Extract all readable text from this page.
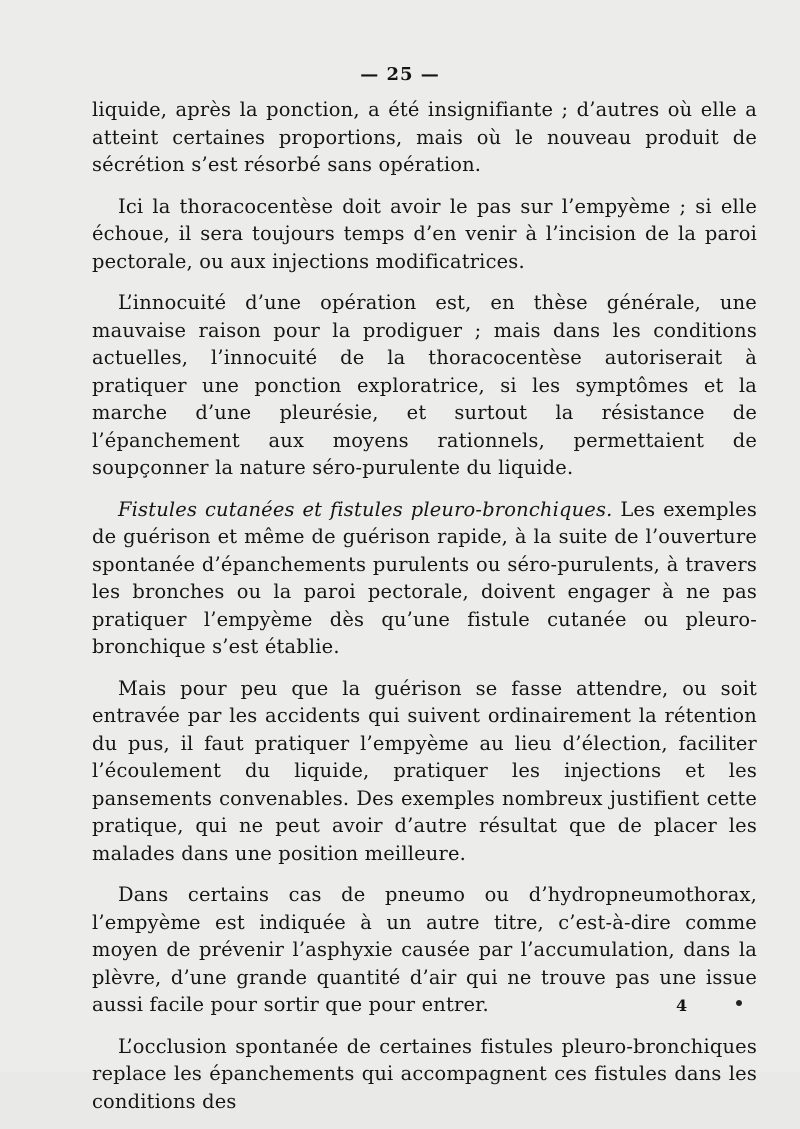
— 25 —

liquide, après la ponction, a été insignifiante ; d’autres où elle a atteint certaines proportions, mais où le nouveau produit de sécrétion s’est résorbé sans opération.

Ici la thoracocentèse doit avoir le pas sur l’empyème ; si elle échoue, il sera toujours temps d’en venir à l’incision de la paroi pectorale, ou aux injections modificatrices.

L’innocuité d’une opération est, en thèse générale, une mauvaise raison pour la prodiguer ; mais dans les conditions actuelles, l’innocuité de la thoracocentèse autoriserait à pratiquer une ponction exploratrice, si les symptômes et la marche d’une pleurésie, et surtout la résistance de l’épanchement aux moyens rationnels, permettaient de soupçonner la nature séro-purulente du liquide.

Fistules cutanées et fistules pleuro-bronchiques. Les exemples de guérison et même de guérison rapide, à la suite de l’ouverture spontanée d’épanchements purulents ou séro-purulents, à travers les bronches ou la paroi pectorale, doivent engager à ne pas pratiquer l’empyème dès qu’une fistule cutanée ou pleuro-bronchique s’est établie.

Mais pour peu que la guérison se fasse attendre, ou soit entravée par les accidents qui suivent ordinairement la rétention du pus, il faut pratiquer l’empyème au lieu d’élection, faciliter l’écoulement du liquide, pratiquer les injections et les pansements convenables. Des exemples nombreux justifient cette pratique, qui ne peut avoir d’autre résultat que de placer les malades dans une position meilleure.

Dans certains cas de pneumo ou d’hydropneumothorax, l’empyème est indiquée à un autre titre, c’est-à-dire comme moyen de prévenir l’asphyxie causée par l’accumulation, dans la plèvre, d’une grande quantité d’air qui ne trouve pas une issue aussi facile pour sortir que pour entrer.

L’occlusion spontanée de certaines fistules pleuro-bronchiques replace les épanchements qui accompagnent ces fistules dans les conditions des

4
